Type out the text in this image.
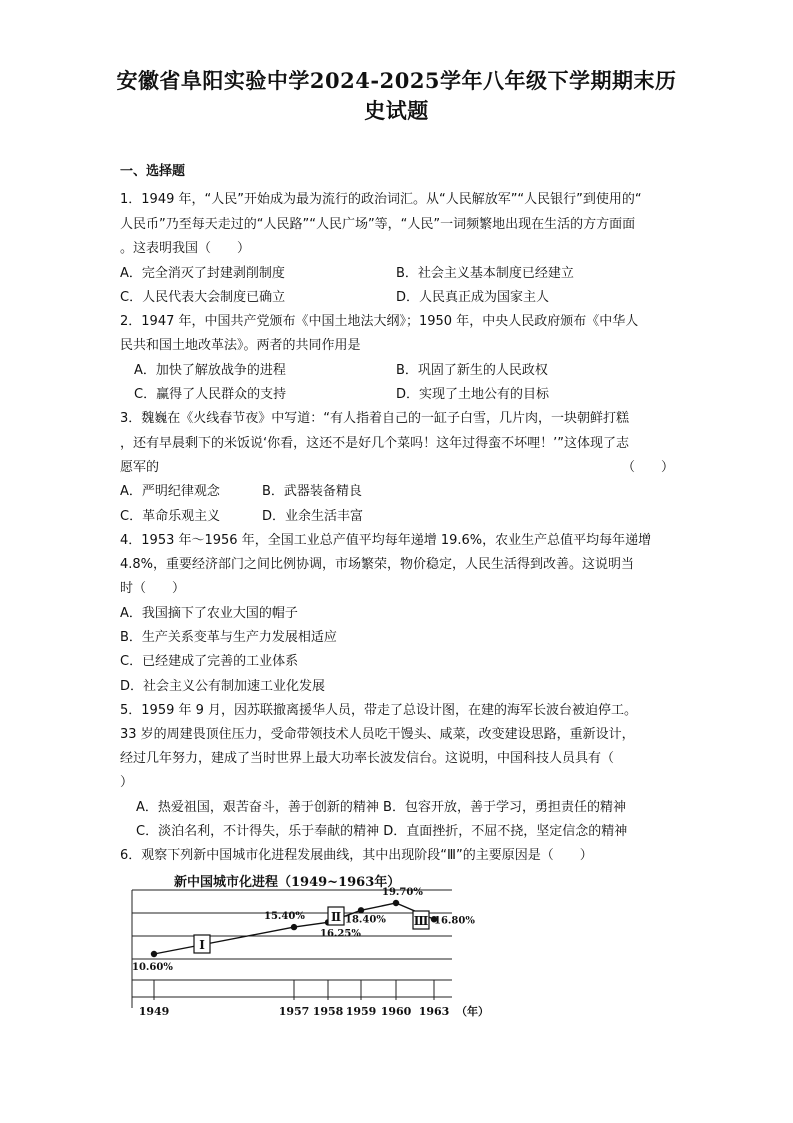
安徽省阜阳实验中学2024-2025学年八年级下学期期末历
史试题
一、选择题
1．1949 年，“人民”开始成为最为流行的政治词汇。从“人民解放军”“人民银行”到使用的“
人民币”乃至每天走过的“人民路”“人民广场”等，“人民”一词频繁地出现在生活的方方面面
。这表明我国（　　）
A．完全消灭了封建剥削制度	B．社会主义基本制度已经建立
C．人民代表大会制度已确立	D．人民真正成为国家主人
2．1947 年，中国共产党颁布《中国土地法大纲》；1950 年，中央人民政府颁布《中华人
民共和国土地改革法》。两者的共同作用是
A．加快了解放战争的进程	B．巩固了新生的人民政权
C．赢得了人民群众的支持	D．实现了土地公有的目标
3．魏巍在《火线春节夜》中写道：“有人指着自己的一缸子白雪，几片肉，一块朝鲜打糕
，还有早晨剩下的米饭说‘你看，这还不是好几个菜吗！这年过得蛮不坏哩！’”这体现了志
愿军的	（　　）
A．严明纪律观念	B．武器装备精良
C．革命乐观主义	D．业余生活丰富
4．1953 年～1956 年，全国工业总产值平均每年递增 19.6%，农业生产总值平均每年递增
4.8%，重要经济部门之间比例协调，市场繁荣，物价稳定，人民生活得到改善。这说明当
时（　　）
A．我国摘下了农业大国的帽子
B．生产关系变革与生产力发展相适应
C．已经建成了完善的工业体系
D．社会主义公有制加速工业化发展
5．1959 年 9 月，因苏联撤离援华人员，带走了总设计图，在建的海军长波台被迫停工。
33 岁的周建畏顶住压力，受命带领技术人员吃干馒头、咸菜，改变建设思路，重新设计，
经过几年努力，建成了当时世界上最大功率长波发信台。这说明，中国科技人员具有（
）
A．热爱祖国，艰苦奋斗，善于创新的精神 B．包容开放，善于学习，勇担责任的精神
C．淡泊名利，不计得失，乐于奉献的精神 D．直面挫折，不屈不挠，坚定信念的精神
6．观察下列新中国城市化进程发展曲线，其中出现阶段“Ⅲ”的主要原因是（　　）
新中国城市化进程（1949~1963年）
10.60%
15.40%
16.25%
18.40%
19.70%
16.80%
Ⅰ
Ⅱ	Ⅲ
1949	1957 1958 1959 1960 1963 （年）
